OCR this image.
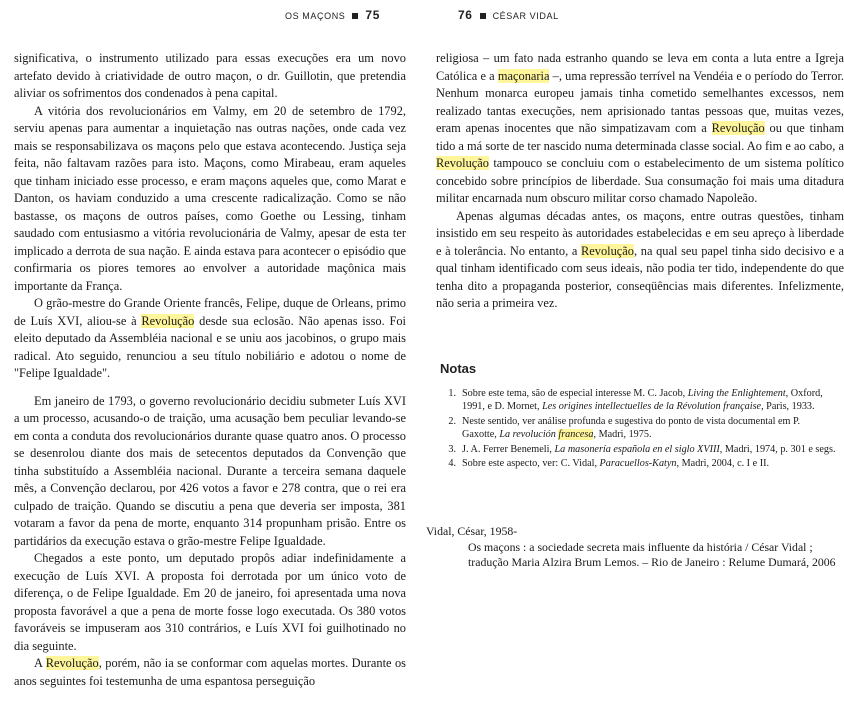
OS MAÇONS 75

significativa, o instrumento utilizado para essas execuções era um novo artefato devido à criatividade de outro maçon, o dr. Guillotin, que pretendia aliviar os sofrimentos dos condenados à pena capital.

A vitória dos revolucionários em Valmy, em 20 de setembro de 1792, serviu apenas para aumentar a inquietação nas outras nações, onde cada vez mais se responsabilizava os maçons pelo que estava acontecendo. Justiça seja feita, não faltavam razões para isto. Maçons, como Mirabeau, eram aqueles que tinham iniciado esse processo, e eram maçons aqueles que, como Marat e Danton, os haviam conduzido a uma crescente radicalização. Como se não bastasse, os maçons de outros países, como Goethe ou Lessing, tinham saudado com entusiasmo a vitória revolucionária de Valmy, apesar de esta ter implicado a derrota de sua nação. E ainda estava para acontecer o episódio que confirmaria os piores temores ao envolver a autoridade maçônica mais importante da França.

O grão-mestre do Grande Oriente francês, Felipe, duque de Orleans, primo de Luís XVI, aliou-se à Revolução desde sua eclosão. Não apenas isso. Foi eleito deputado da Assembléia nacional e se uniu aos jacobinos, o grupo mais radical. Ato seguido, renunciou a seu título nobiliário e adotou o nome de "Felipe Igualdade".

Em janeiro de 1793, o governo revolucionário decidiu submeter Luís XVI a um processo, acusando-o de traição, uma acusação bem peculiar levando-se em conta a conduta dos revolucionários durante quase quatro anos. O processo se desenrolou diante dos mais de setecentos deputados da Convenção que tinha substituído a Assembléia nacional. Durante a terceira semana daquele mês, a Convenção declarou, por 426 votos a favor e 278 contra, que o rei era culpado de traição. Quando se discutiu a pena que deveria ser imposta, 381 votaram a favor da pena de morte, enquanto 314 propunham prisão. Entre os partidários da execução estava o grão-mestre Felipe Igualdade.

Chegados a este ponto, um deputado propôs adiar indefinidamente a execução de Luís XVI. A proposta foi derrotada por um único voto de diferença, o de Felipe Igualdade. Em 20 de janeiro, foi apresentada uma nova proposta favorável a que a pena de morte fosse logo executada. Os 380 votos favoráveis se impuseram aos 310 contrários, e Luís XVI foi guilhotinado no dia seguinte.

A Revolução, porém, não ia se conformar com aquelas mortes. Durante os anos seguintes foi testemunha de uma espantosa perseguição

76 CÉSAR VIDAL

religiosa – um fato nada estranho quando se leva em conta a luta entre a Igreja Católica e a maçonaria –, uma repressão terrível na Vendéia e o período do Terror. Nenhum monarca europeu jamais tinha cometido semelhantes excessos, nem realizado tantas execuções, nem aprisionado tantas pessoas que, muitas vezes, eram apenas inocentes que não simpatizavam com a Revolução ou que tinham tido a má sorte de ter nascido numa determinada classe social. Ao fim e ao cabo, a Revolução tampouco se concluiu com o estabelecimento de um sistema político concebido sobre princípios de liberdade. Sua consumação foi mais uma ditadura militar encarnada num obscuro militar corso chamado Napoleão.

Apenas algumas décadas antes, os maçons, entre outras questões, tinham insistido em seu respeito às autoridades estabelecidas e em seu apreço à liberdade e à tolerância. No entanto, a Revolução, na qual seu papel tinha sido decisivo e a qual tinham identificado com seus ideais, não podia ter tido, independente do que tenha dito a propaganda posterior, conseqüências mais diferentes. Infelizmente, não seria a primeira vez.

Notas
1. Sobre este tema, são de especial interesse M. C. Jacob, Living the Enlightement, Oxford, 1991, e D. Mornet, Les origines intellectuelles de la Révolution française, Paris, 1933.
2. Neste sentido, ver análise profunda e sugestiva do ponto de vista documental em P. Gaxotte, La revolución francesa, Madri, 1975.
3. J. A. Ferrer Benemeli, La masonería española en el siglo XVIII, Madri, 1974, p. 301 e segs.
4. Sobre este aspecto, ver: C. Vidal, Paracuellos-Katyn, Madri, 2004, c. I e II.
Vidal, César, 1958-
Os maçons : a sociedade secreta mais influente da história / César Vidal ; tradução Maria Alzira Brum Lemos. – Rio de Janeiro : Relume Dumará, 2006
